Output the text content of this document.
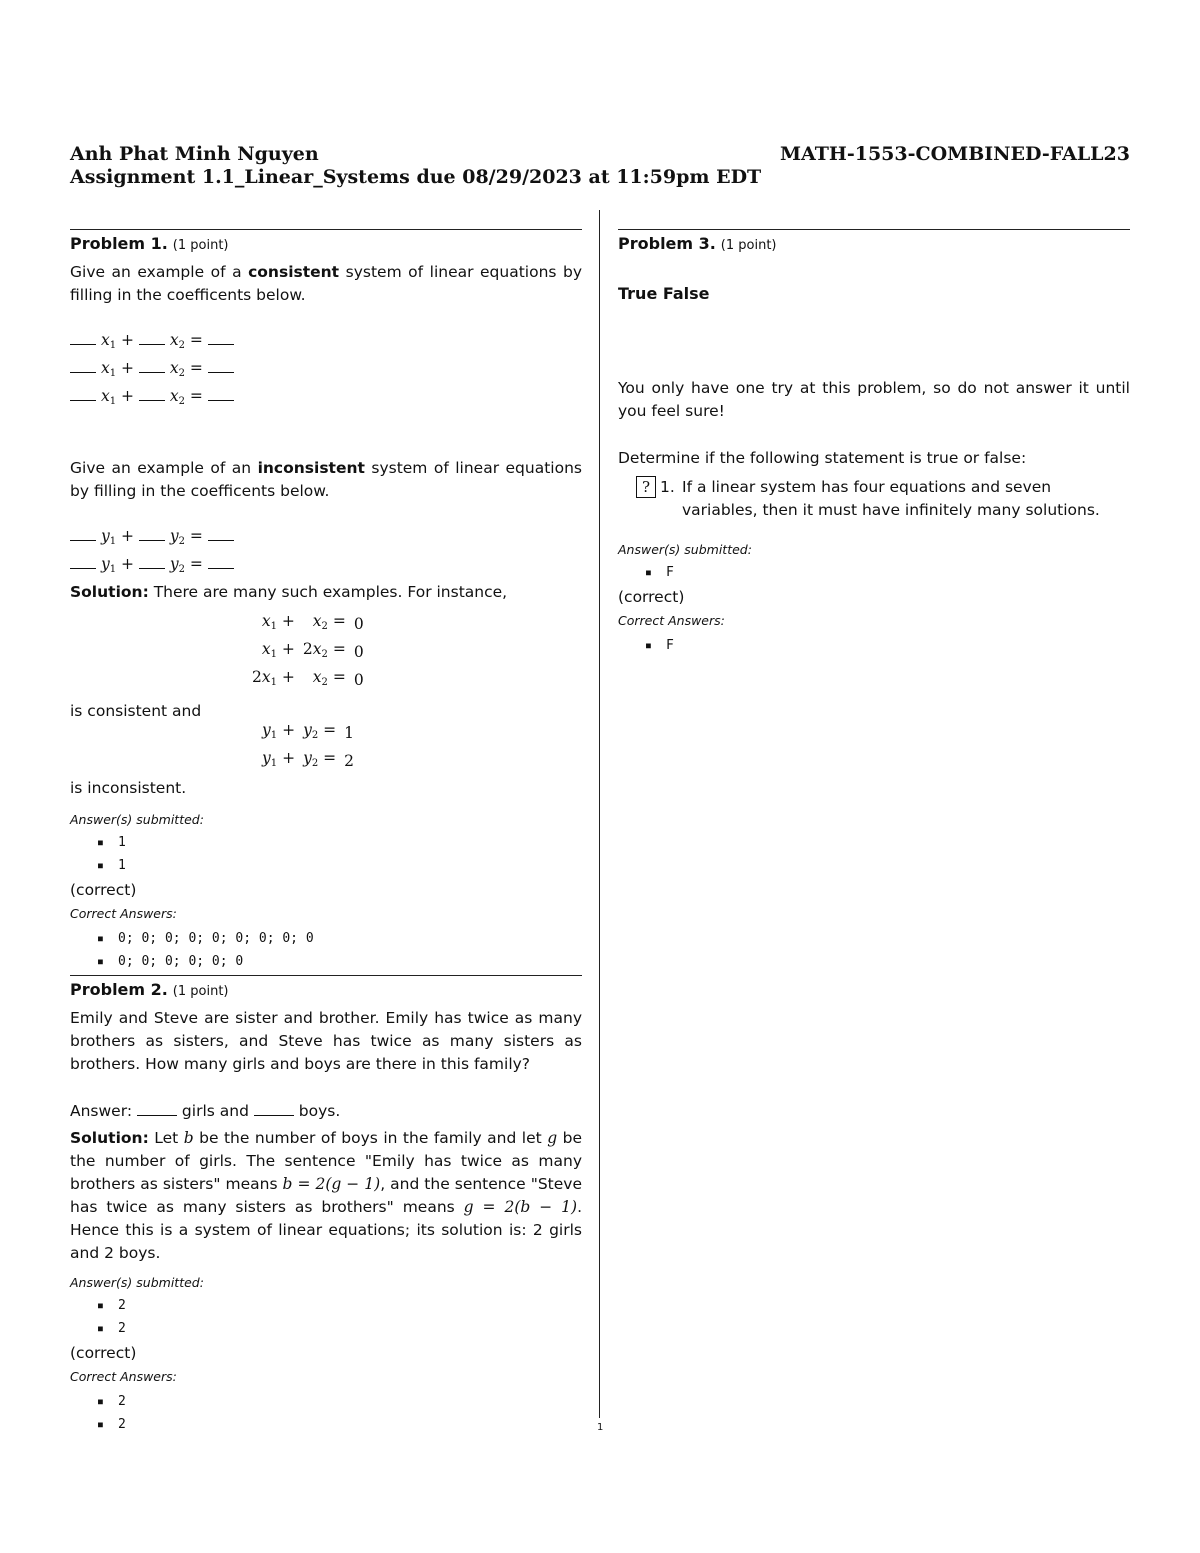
Anh Phat Minh Nguyen	MATH-1553-COMBINED-FALL23
Assignment 1.1_Linear_Systems due 08/29/2023 at 11:59pm EDT
Problem 1. (1 point)

Give an example of a consistent system of linear equations by filling in the coefficents below.

$x_1 + x_2$ =
$x_1 + x_2$ =
$x_1 + x_2$ =

Give an example of an inconsistent system of linear equations by filling in the coefficents below.

$y_1 + y_2$ =
$y_1 + y_2$ =

Solution: There are many such examples. For instance,

$x_1$ +	$x_2$ =	0
$x_1$ +	$2x_2$ =	0
$2x_1$ +	$x_2$ =	0

is consistent and

$y_1$ +	$y_2$ =	1
$y_1$ +	$y_2$ =	2

is inconsistent.

Answer(s) submitted:

■ 1
■ 1

(correct)

Correct Answers:

■ 0; 0; 0; 0; 0; 0; 0; 0; 0
■ 0; 0; 0; 0; 0; 0
Problem 2. (1 point)

Emily and Steve are sister and brother. Emily has twice as many brothers as sisters, and Steve has twice as many sisters as brothers. How many girls and boys are there in this family?

Answer:	girls and	boys.

Solution: Let b be the number of boys in the family and let g be the number of girls. The sentence "Emily has twice as many brothers as sisters" means b = 2(g − 1), and the sentence "Steve has twice as many sisters as brothers" means g = 2(b − 1). Hence this is a system of linear equations; its solution is: 2 girls and 2 boys.

Answer(s) submitted:

■ 2
■ 2

(correct)

Correct Answers:

■ 2
■ 2
Problem 3. (1 point)

True False

You only have one try at this problem, so do not answer it until you feel sure!

Determine if the following statement is true or false:

? 1. If a linear system has four equations and seven variables, then it must have infinitely many solutions.

Answer(s) submitted:

■ F

(correct)

Correct Answers:

■ F
1
